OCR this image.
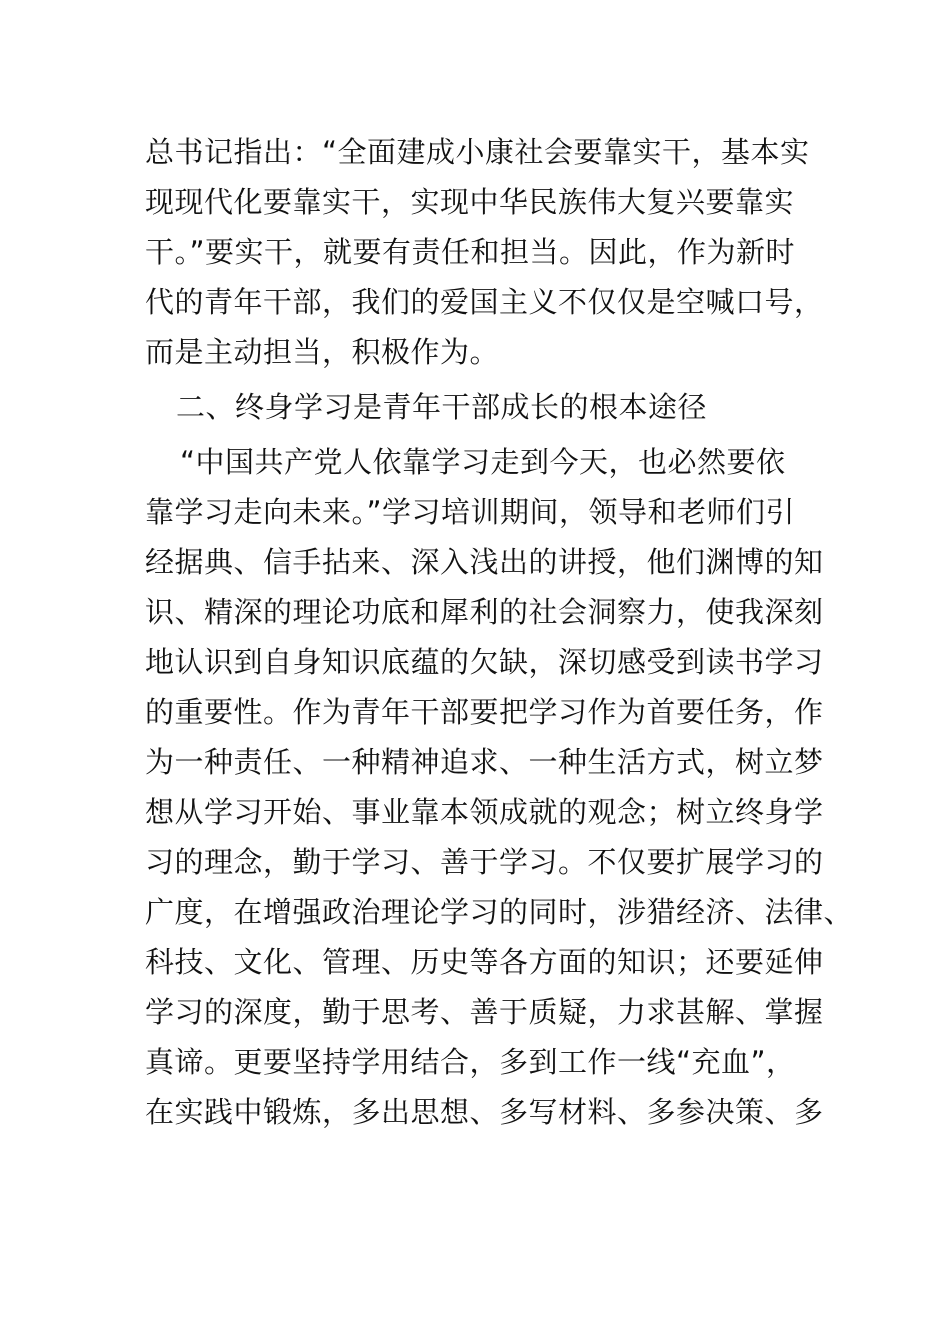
总书记指出：“全面建成小康社会要靠实干，基本实
现现代化要靠实干，实现中华民族伟大复兴要靠实
干。”要实干，就要有责任和担当。因此，作为新时
代的青年干部，我们的爱国主义不仅仅是空喊口号，
而是主动担当，积极作为。
二、终身学习是青年干部成长的根本途径
“中国共产党人依靠学习走到今天，也必然要依
靠学习走向未来。”学习培训期间，领导和老师们引
经据典、信手拈来、深入浅出的讲授，他们渊博的知
识、精深的理论功底和犀利的社会洞察力，使我深刻
地认识到自身知识底蕴的欠缺，深切感受到读书学习
的重要性。作为青年干部要把学习作为首要任务，作
为一种责任、一种精神追求、一种生活方式，树立梦
想从学习开始、事业靠本领成就的观念；树立终身学
习的理念，勤于学习、善于学习。不仅要扩展学习的
广度，在增强政治理论学习的同时，涉猎经济、法律、
科技、文化、管理、历史等各方面的知识；还要延伸
学习的深度，勤于思考、善于质疑，力求甚解、掌握
真谛。更要坚持学用结合，多到工作一线“充血”，
在实践中锻炼，多出思想、多写材料、多参决策、多
